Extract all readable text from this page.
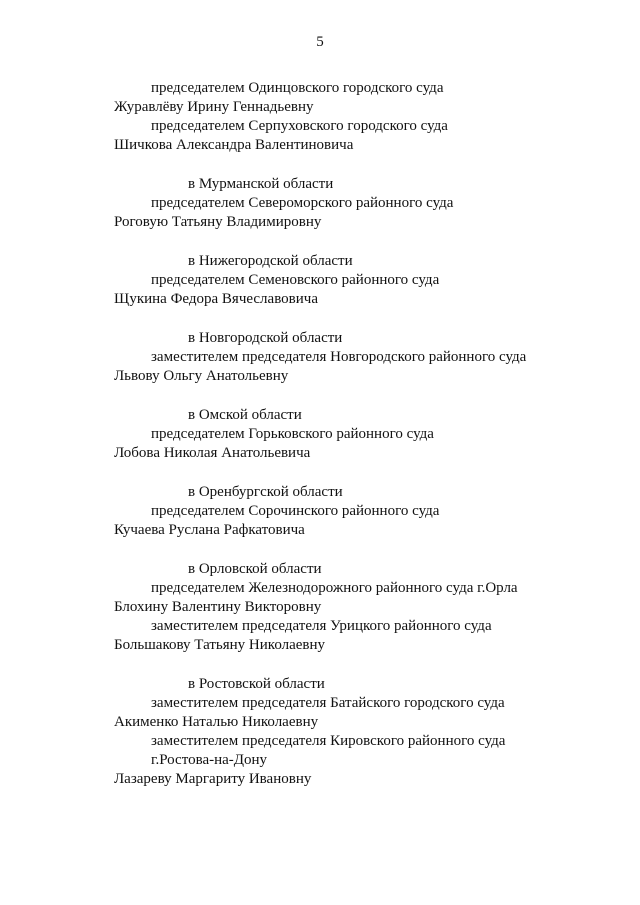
5
председателем Одинцовского городского суда
Журавлёву Ирину Геннадьевну
председателем Серпуховского городского суда
Шичкова Александра Валентиновича
в Мурманской области
председателем Североморского районного суда
Роговую Татьяну Владимировну
в Нижегородской области
председателем Семеновского районного суда
Щукина Федора Вячеславовича
в Новгородской области
заместителем председателя Новгородского районного суда
Львову Ольгу Анатольевну
в Омской области
председателем Горьковского районного суда
Лобова Николая Анатольевича
в Оренбургской области
председателем Сорочинского районного суда
Кучаева Руслана Рафкатовича
в Орловской области
председателем Железнодорожного районного суда г.Орла
Блохину Валентину Викторовну
заместителем председателя Урицкого районного суда
Большакову Татьяну Николаевну
в Ростовской области
заместителем председателя Батайского городского суда
Акименко Наталью Николаевну
заместителем председателя Кировского районного суда
г.Ростова-на-Дону
Лазареву Маргариту Ивановну
